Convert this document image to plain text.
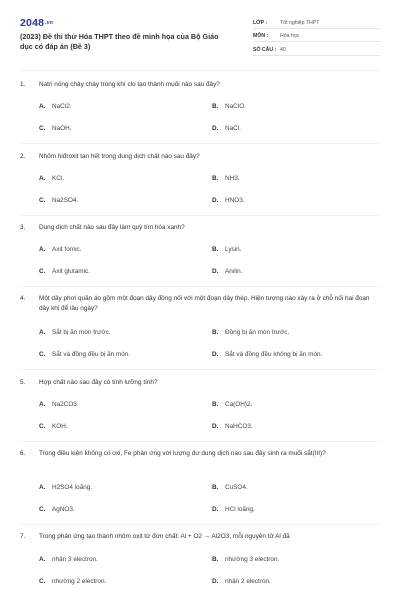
2048.vn
(2023) Đề thi thử Hóa THPT theo đề minh họa của Bộ Giáo dục có đáp án (Đề 3)
LỚP :	Tốt nghiệp THPT
MÔN :	Hóa học
SỐ CÂU : 40
1.	Natri nóng chảy cháy trong khí clo tạo thành muối nào sau đây?
A.	NaCl2.	B.	NaClO.
C.	NaOH.	D.	NaCl.
2.	Nhôm hiđroxit tan hết trong dung dịch chất nào sau đây?
A.	KCl.	B.	NH3.
C.	Na2SO4.	D.	HNO3.
3.	Dung dịch chất nào sau đây làm quỳ tím hóa xanh?
A.	Axit fomic.	B.	Lysin.
C.	Axit glutamic.	D.	Anilin.
4.	Một dây phơi quần áo gồm một đoạn dây đồng nối với một đoạn dây thép. Hiện tượng nào xảy ra ở chỗ nối hai đoạn dây khi để lâu ngày?
A.	Sắt bị ăn mòn trước.	B.	Đồng bị ăn mòn trước.
C.	Sắt và đồng đều bị ăn mòn.	D.	Sắt và đồng đều không bị ăn mòn.
5.	Hợp chất nào sau đây có tính lưỡng tính?
A.	Na2CO3.	B.	Ca(OH)2.
C.	KOH.	D.	NaHCO3.
6.	Trong điều kiện không có oxi, Fe phản ứng với lượng dư dung dịch nào sau đây sinh ra muối sắt(III)?
A.	H2SO4 loãng.	B.	CuSO4.
C.	AgNO3.	D.	HCl loãng.
7.	Trong phản ứng tạo thành nhôm oxit từ đơn chất: Al + O2 → Al2O3, mỗi nguyên tử Al đã
A.	nhận 3 electron.	B.	nhường 3 electron.
C.	nhường 2 electron.	D.	nhận 2 electron.
